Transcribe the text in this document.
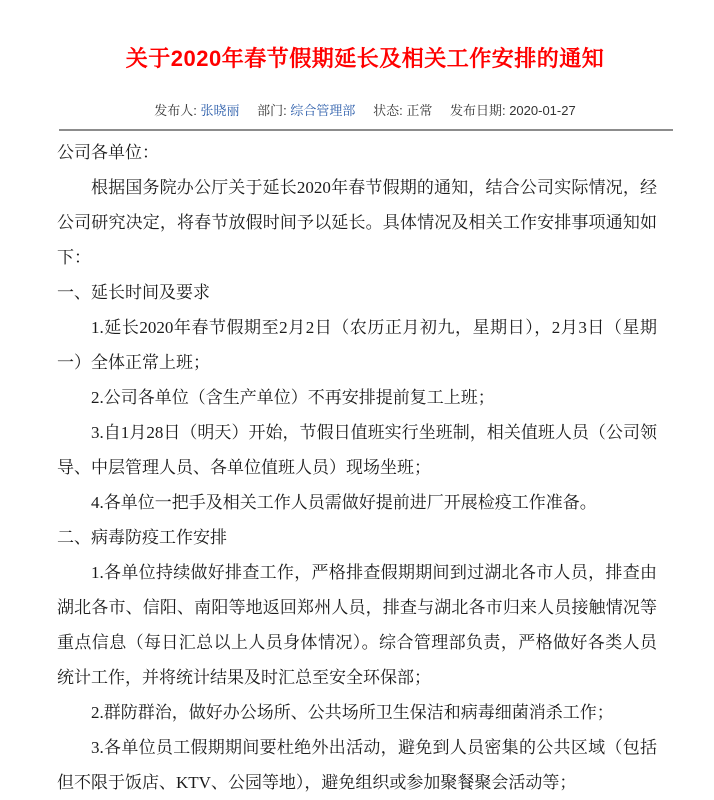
关于2020年春节假期延长及相关工作安排的通知
发布人: 张晓丽 部门: 综合管理部 状态: 正常 发布日期: 2020-01-27

公司各单位：

根据国务院办公厅关于延长2020年春节假期的通知，结合公司实际情况，经公司研究决定，将春节放假时间予以延长。具体情况及相关工作安排事项通知如下：

一、延长时间及要求

1.延长2020年春节假期至2月2日（农历正月初九，星期日），2月3日（星期一）全体正常上班；

2.公司各单位（含生产单位）不再安排提前复工上班；

3.自1月28日（明天）开始，节假日值班实行坐班制，相关值班人员（公司领导、中层管理人员、各单位值班人员）现场坐班；

4.各单位一把手及相关工作人员需做好提前进厂开展检疫工作准备。

二、病毒防疫工作安排

1.各单位持续做好排查工作，严格排查假期期间到过湖北各市人员，排查由湖北各市、信阳、南阳等地返回郑州人员，排查与湖北各市归来人员接触情况等重点信息（每日汇总以上人员身体情况）。综合管理部负责，严格做好各类人员统计工作，并将统计结果及时汇总至安全环保部；

2.群防群治，做好办公场所、公共场所卫生保洁和病毒细菌消杀工作；

3.各单位员工假期期间要杜绝外出活动，避免到人员密集的公共区域（包括但不限于饭店、KTV、公园等地），避免组织或参加聚餐聚会活动等；
